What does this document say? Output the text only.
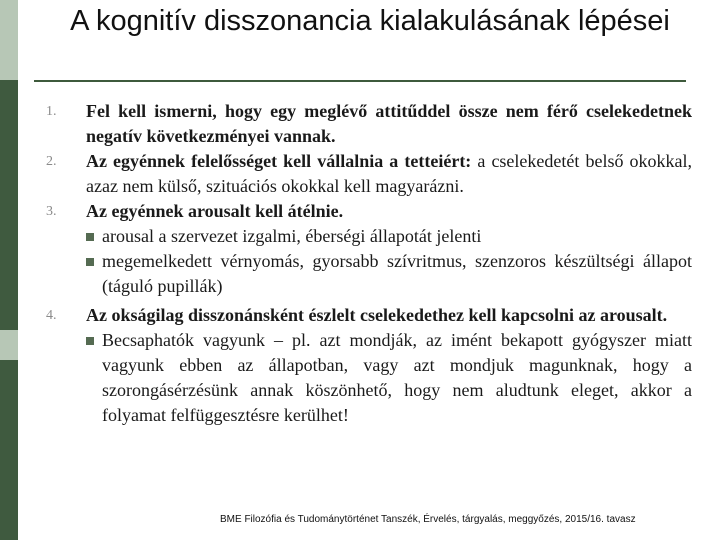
A kognitív disszonancia kialakulásának lépései
1. Fel kell ismerni, hogy egy meglévő attitűddel össze nem férő cselekedetnek negatív következményei vannak.
2. Az egyénnek felelősséget kell vállalnia a tetteiért: a cselekedetét belső okokkal, azaz nem külső, szituációs okokkal kell magyarázni.
3. Az egyénnek arousalt kell átélnie.
arousal a szervezet izgalmi, éberségi állapotát jelenti
megemelkedett vérnyomás, gyorsabb szívritmus, szenzoros készültségi állapot (táguló pupillák)
4. Az okságilag disszonánsként észlelt cselekedethez kell kapcsolni az arousalt.
Becsaphatók vagyunk – pl. azt mondják, az imént bekapott gyógyszer miatt vagyunk ebben az állapotban, vagy azt mondjuk magunknak, hogy a szorongásérzésünk annak köszönhető, hogy nem aludtunk eleget, akkor a folyamat felfüggesztésre kerülhet!
BME Filozófia és Tudománytörténet Tanszék, Érvelés, tárgyalás, meggyőzés, 2015/16. tavasz
